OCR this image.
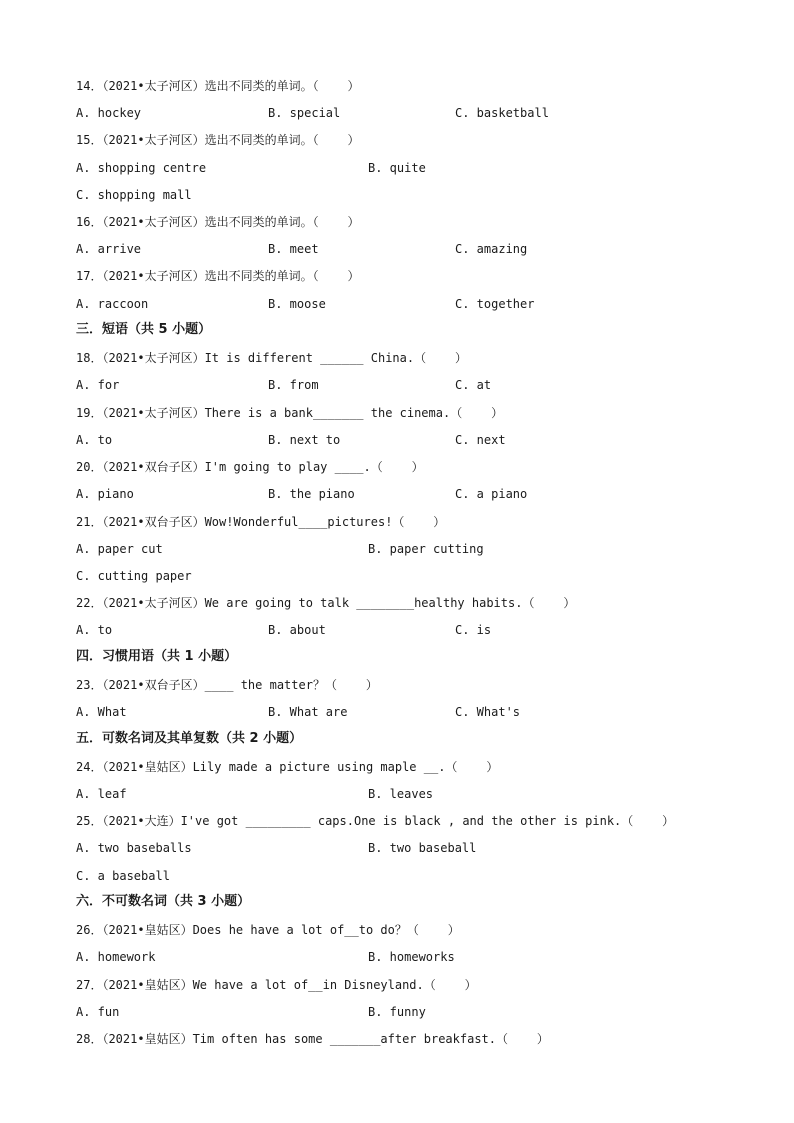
14．（2021•太子河区）选出不同类的单词。（    ）

A. hockey

	B. special

	C. basketball

15．（2021•太子河区）选出不同类的单词。（    ）

A. shopping centre

	B. quite

C. shopping mall

16．（2021•太子河区）选出不同类的单词。（    ）

A. arrive

	B. meet

	C. amazing

17．（2021•太子河区）选出不同类的单词。（    ）

A. raccoon

	B. moose

	C. together

三．短语（共 5 小题）
18．（2021•太子河区）It is different ______ China.（    ）

A. for

	B. from

	C. at

19．（2021•太子河区）There is a bank_______ the cinema.（    ）

A. to

	B. next to

	C. next

20．（2021•双台子区）I'm going to play ____.（    ）

A. piano

	B. the piano

	C. a piano

21．（2021•双台子区）Wow!Wonderful____pictures!（    ）

A. paper cut

	B. paper cutting

C. cutting paper

22．（2021•太子河区）We are going to talk ________healthy habits.（    ）

A. to

	B. about

	C. is

四．习惯用语（共 1 小题）
23．（2021•双台子区）____ the matter？（    ）

A. What

	B. What are

	C. What's

五．可数名词及其单复数（共 2 小题）
24．（2021•皇姑区）Lily made a picture using maple __.（    ）

A. leaf

	B. leaves

25．（2021•大连）I've got _________ caps.One is black , and the other is pink.（    ）

A. two baseballs

	B. two baseball

C. a baseball

六．不可数名词（共 3 小题）
26．（2021•皇姑区）Does he have a lot of__to do？（    ）

A. homework

	B. homeworks

27．（2021•皇姑区）We have a lot of__in Disneyland.（    ）

A. fun

	B. funny

28．（2021•皇姑区）Tim often has some _______after breakfast.（    ）
